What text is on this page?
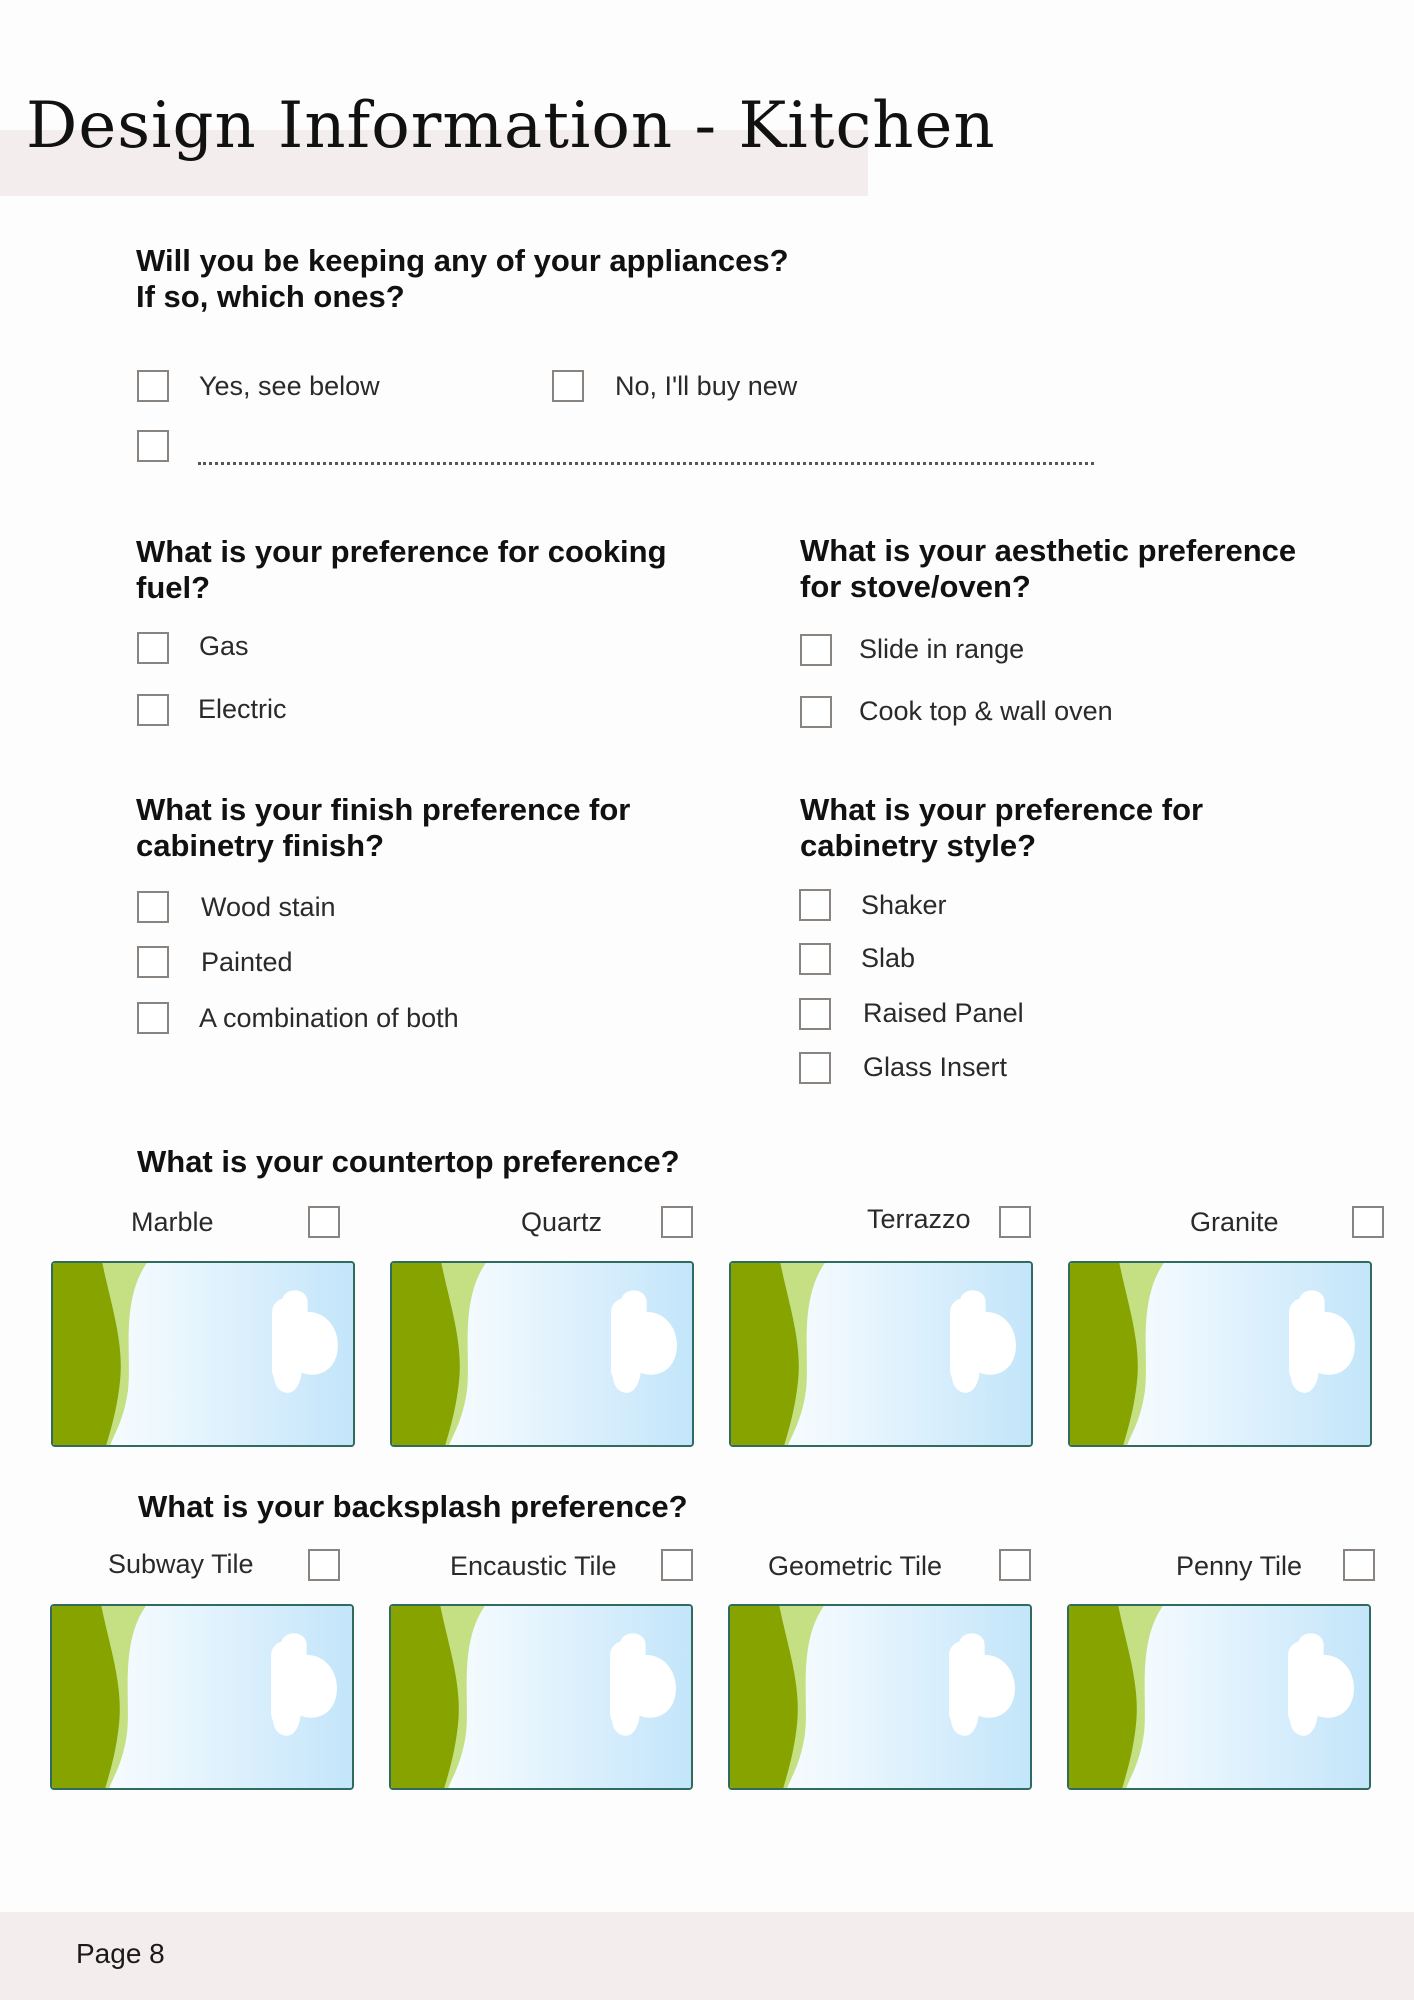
Design Information - Kitchen

Will you be keeping any of your appliances?
If so, which ones?

Yes, see below	No, I'll buy new

What is your preference for cooking
fuel?

Gas
Electric

What is your aesthetic preference
for stove/oven?

Slide in range
Cook top & wall oven

What is your finish preference for
cabinetry finish?

Wood stain
Painted
A combination of both

What is your preference for
cabinetry style?

Shaker
Slab
Raised Panel
Glass Insert

What is your countertop preference?

Marble	Quartz	Terrazzo	Granite

What is your backsplash preference?

Subway Tile	Encaustic Tile	Geometric Tile	Penny Tile
Page 8
